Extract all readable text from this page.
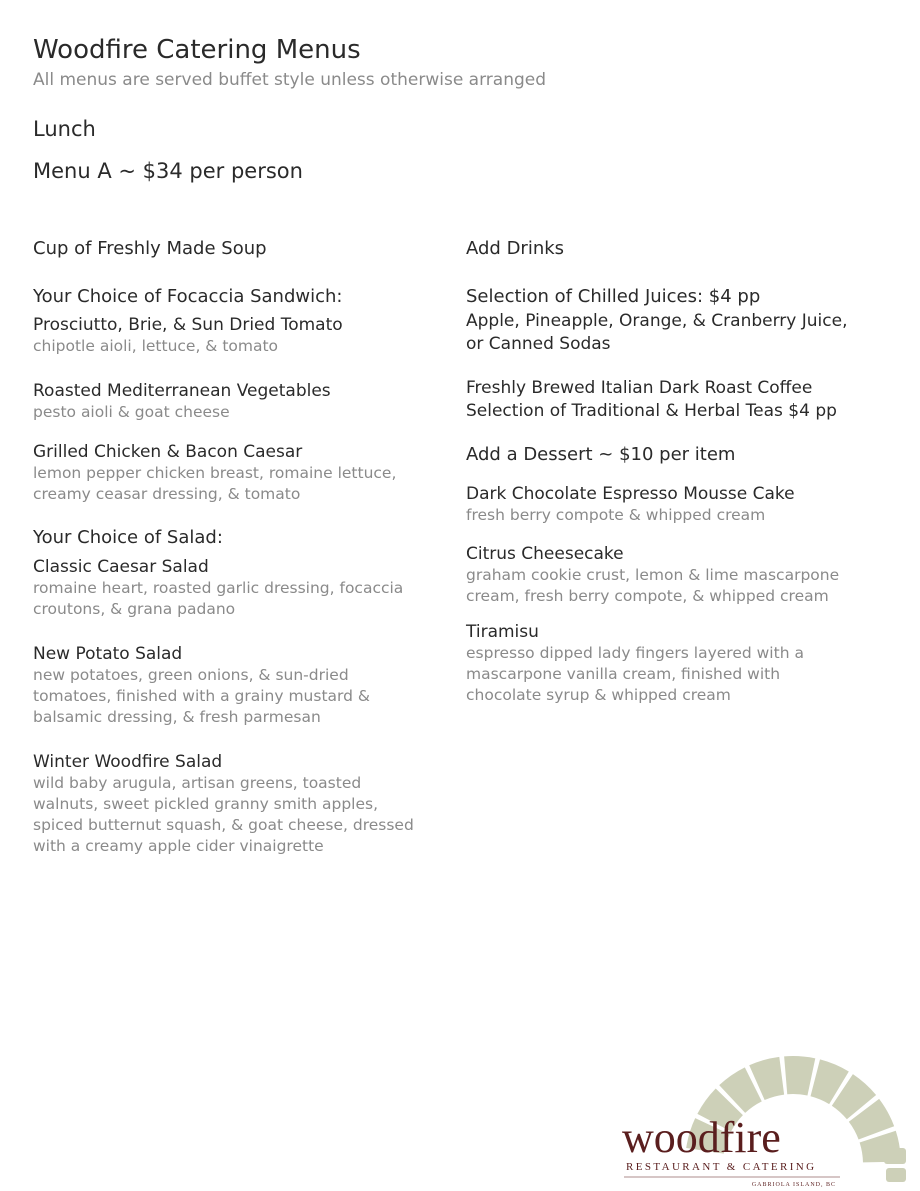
Woodfire Catering Menus
All menus are served buffet style unless otherwise arranged
Lunch
Menu A ~ $34 per person
Cup of Freshly Made Soup
Your Choice of Focaccia Sandwich:
Prosciutto, Brie, & Sun Dried Tomato
chipotle aioli, lettuce, & tomato
Roasted Mediterranean Vegetables
pesto aioli & goat cheese
Grilled Chicken & Bacon Caesar
lemon pepper chicken breast, romaine lettuce,
creamy ceasar dressing, & tomato
Your Choice of Salad:
Classic Caesar Salad
romaine heart, roasted garlic dressing, focaccia
croutons, & grana padano
New Potato Salad
new potatoes, green onions, & sun-dried
tomatoes, finished with a grainy mustard &
balsamic dressing, & fresh parmesan
Winter Woodfire Salad
wild baby arugula, artisan greens, toasted
walnuts, sweet pickled granny smith apples,
spiced butternut squash, & goat cheese, dressed
with a creamy apple cider vinaigrette
Add Drinks
Selection of Chilled Juices: $4 pp
Apple, Pineapple, Orange, & Cranberry Juice,
or Canned Sodas
Freshly Brewed Italian Dark Roast Coffee
Selection of Traditional & Herbal Teas $4 pp
Add a Dessert ~ $10 per item
Dark Chocolate Espresso Mousse Cake
fresh berry compote & whipped cream
Citrus Cheesecake
graham cookie crust, lemon & lime mascarpone
cream, fresh berry compote, & whipped cream
Tiramisu
espresso dipped lady fingers layered with a
mascarpone vanilla cream, finished with
chocolate syrup & whipped cream
woodfire
RESTAURANT & CATERING
GABRIOLA ISLAND, BC
